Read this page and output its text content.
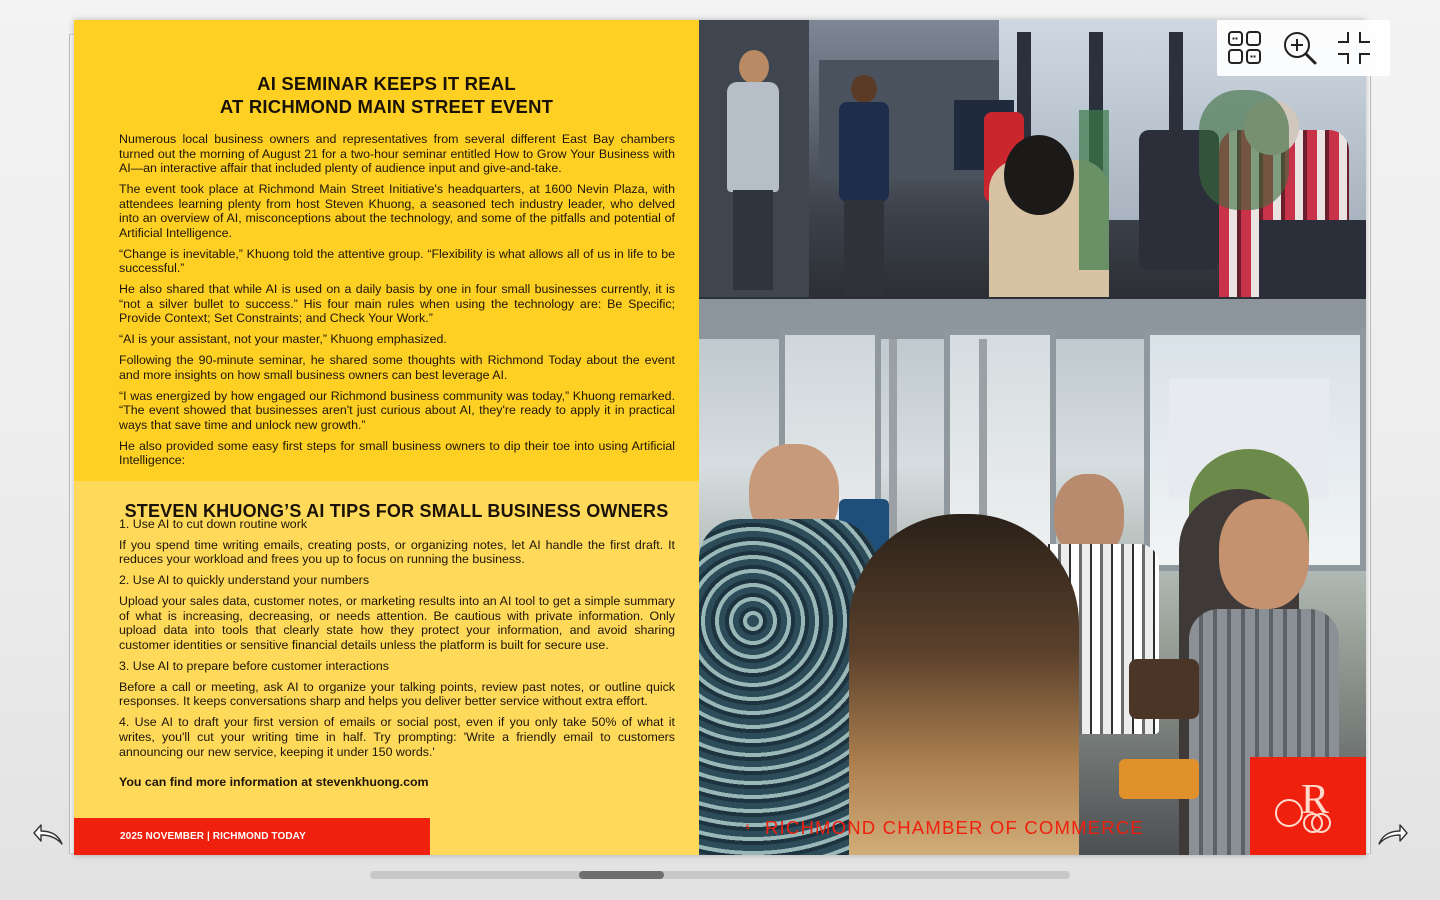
AI SEMINAR KEEPS IT REAL
AT RICHMOND MAIN STREET EVENT

Numerous local business owners and representatives from several different East Bay chambers turned out the morning of August 21 for a two-hour seminar entitled How to Grow Your Business with AI—an interactive affair that included plenty of audience input and give-and-take.

The event took place at Richmond Main Street Initiative's headquarters, at 1600 Nevin Plaza, with attendees learning plenty from host Steven Khuong, a seasoned tech industry leader, who delved into an overview of AI, misconceptions about the technology, and some of the pitfalls and potential of Artificial Intelligence.

“Change is inevitable,” Khuong told the attentive group. “Flexibility is what allows all of us in life to be successful.”

He also shared that while AI is used on a daily basis by one in four small businesses currently, it is “not a silver bullet to success.” His four main rules when using the technology are: Be Specific; Provide Context; Set Constraints; and Check Your Work.”

“AI is your assistant, not your master,” Khuong emphasized.

Following the 90-minute seminar, he shared some thoughts with Richmond Today about the event and more insights on how small business owners can best leverage AI.

“I was energized by how engaged our Richmond business community was today,” Khuong remarked. “The event showed that businesses aren't just curious about AI, they're ready to apply it in practical ways that save time and unlock new growth.”

He also provided some easy first steps for small business owners to dip their toe into using Artificial Intelligence:

STEVEN KHUONG’S AI TIPS FOR SMALL BUSINESS OWNERS

1. Use AI to cut down routine work

If you spend time writing emails, creating posts, or organizing notes, let AI handle the first draft. It reduces your workload and frees you up to focus on running the business.

2. Use AI to quickly understand your numbers

Upload your sales data, customer notes, or marketing results into an AI tool to get a simple summary of what is increasing, decreasing, or needs attention. Be cautious with private information. Only upload data into tools that clearly state how they protect your information, and avoid sharing customer identities or sensitive financial details unless the platform is built for secure use.

3. Use AI to prepare before customer interactions

Before a call or meeting, ask AI to organize your talking points, review past notes, or outline quick responses. It keeps conversations sharp and helps you deliver better service without extra effort.

4. Use AI to draft your first version of emails or social post, even if you only take 50% of what it writes, you'll cut your writing time in half. Try prompting: 'Write a friendly email to customers announcing our new service, keeping it under 150 words.'

You can find more information at stevenkhuong.com

2025 NOVEMBER | RICHMOND TODAY
5 RICHMOND CHAMBER OF COMMERCE
R
